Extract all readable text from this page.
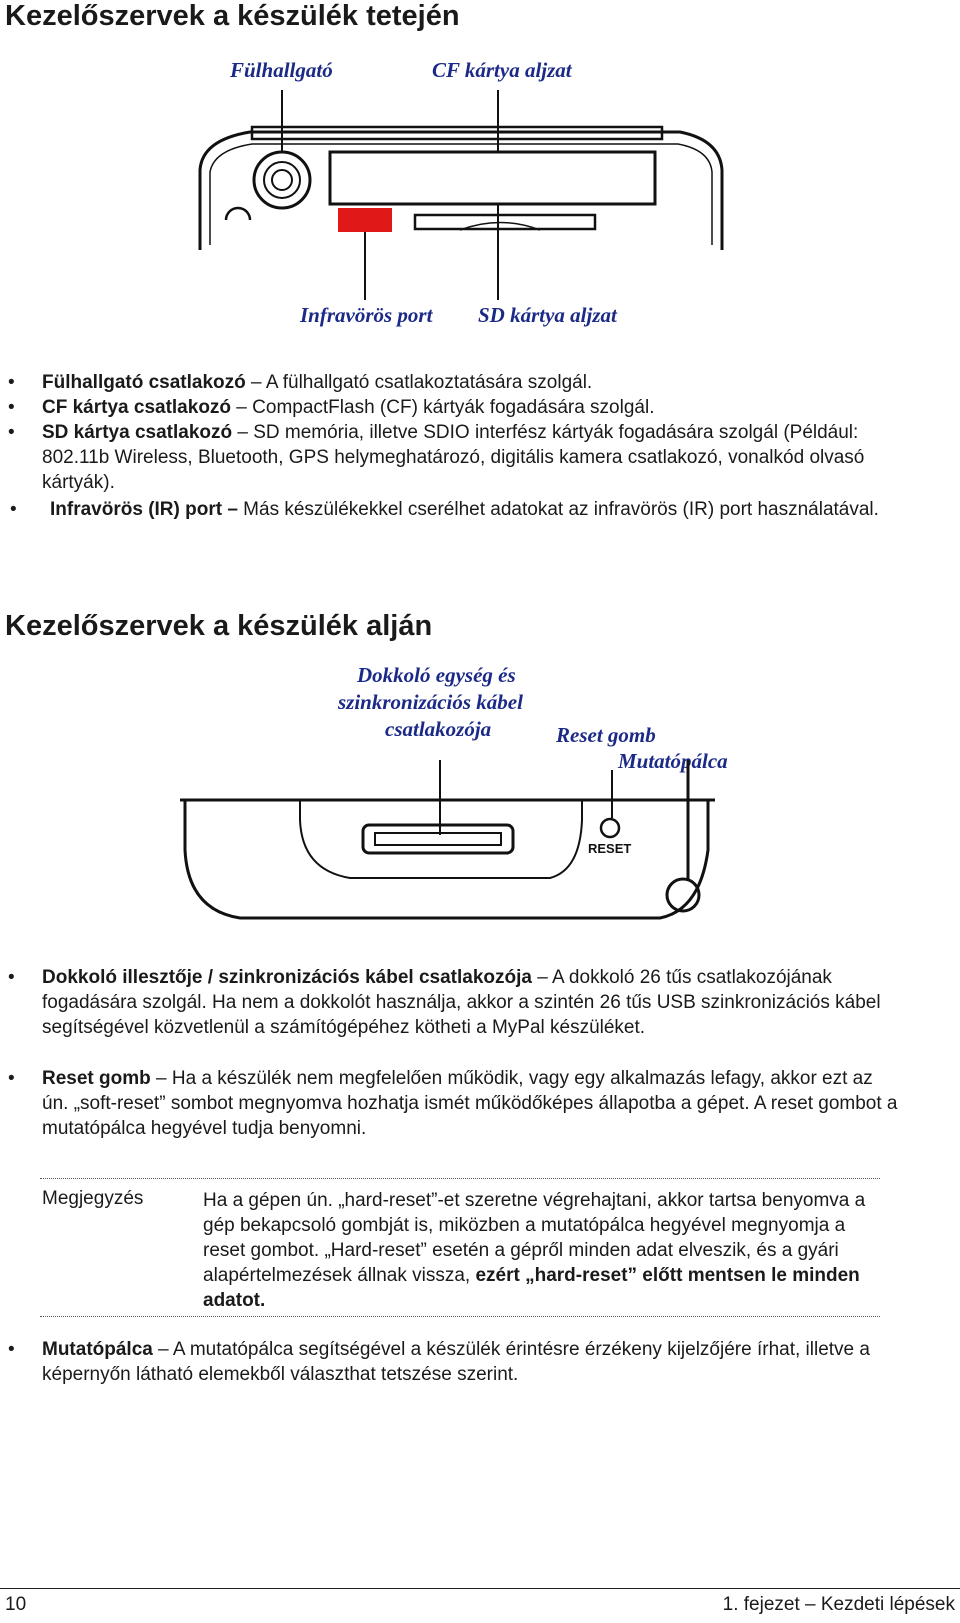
Kezelőszervek a készülék tetején
Fülhallgató	CF kártya aljzat
Infravörös port SD kártya aljzat
• Fülhallgató csatlakozó – A fülhallgató csatlakoztatására szolgál.
• CF kártya csatlakozó – CompactFlash (CF) kártyák fogadására szolgál.
• SD kártya csatlakozó – SD memória, illetve SDIO interfész kártyák fogadására szolgál (Például: 802.11b Wireless, Bluetooth, GPS helymeghatározó, digitális kamera csatlakozó, vonalkód olvasó kártyák).
• Infravörös (IR) port – Más készülékekkel cserélhet adatokat az infravörös (IR) port használatával.
Kezelőszervek a készülék alján
Dokkoló egység és
szinkronizációs kábel
csatlakozója	Reset gomb
Mutatópálca
RESET
• Dokkoló illesztője / szinkronizációs kábel csatlakozója – A dokkoló 26 tűs csatlakozójának fogadására szolgál. Ha nem a dokkolót használja, akkor a szintén 26 tűs USB szinkronizációs kábel segítségével közvetlenül a számítógépéhez kötheti a MyPal készüléket.
• Reset gomb – Ha a készülék nem megfelelően működik, vagy egy alkalmazás lefagy, akkor ezt az ún. „soft-reset” sombot megnyomva hozhatja ismét működőképes állapotba a gépet. A reset gombot a mutatópálca hegyével tudja benyomni.
Megjegyzés	Ha a gépen ún. „hard-reset”-et szeretne végrehajtani, akkor tartsa benyomva a gép bekapcsoló gombját is, miközben a mutatópálca hegyével megnyomja a reset gombot. „Hard-reset” esetén a gépről minden adat elveszik, és a gyári alapértelmezések állnak vissza, ezért „hard-reset” előtt mentsen le minden adatot.
• Mutatópálca – A mutatópálca segítségével a készülék érintésre érzékeny kijelzőjére írhat, illetve a képernyőn látható elemekből választhat tetszése szerint.
10	1. fejezet – Kezdeti lépések
